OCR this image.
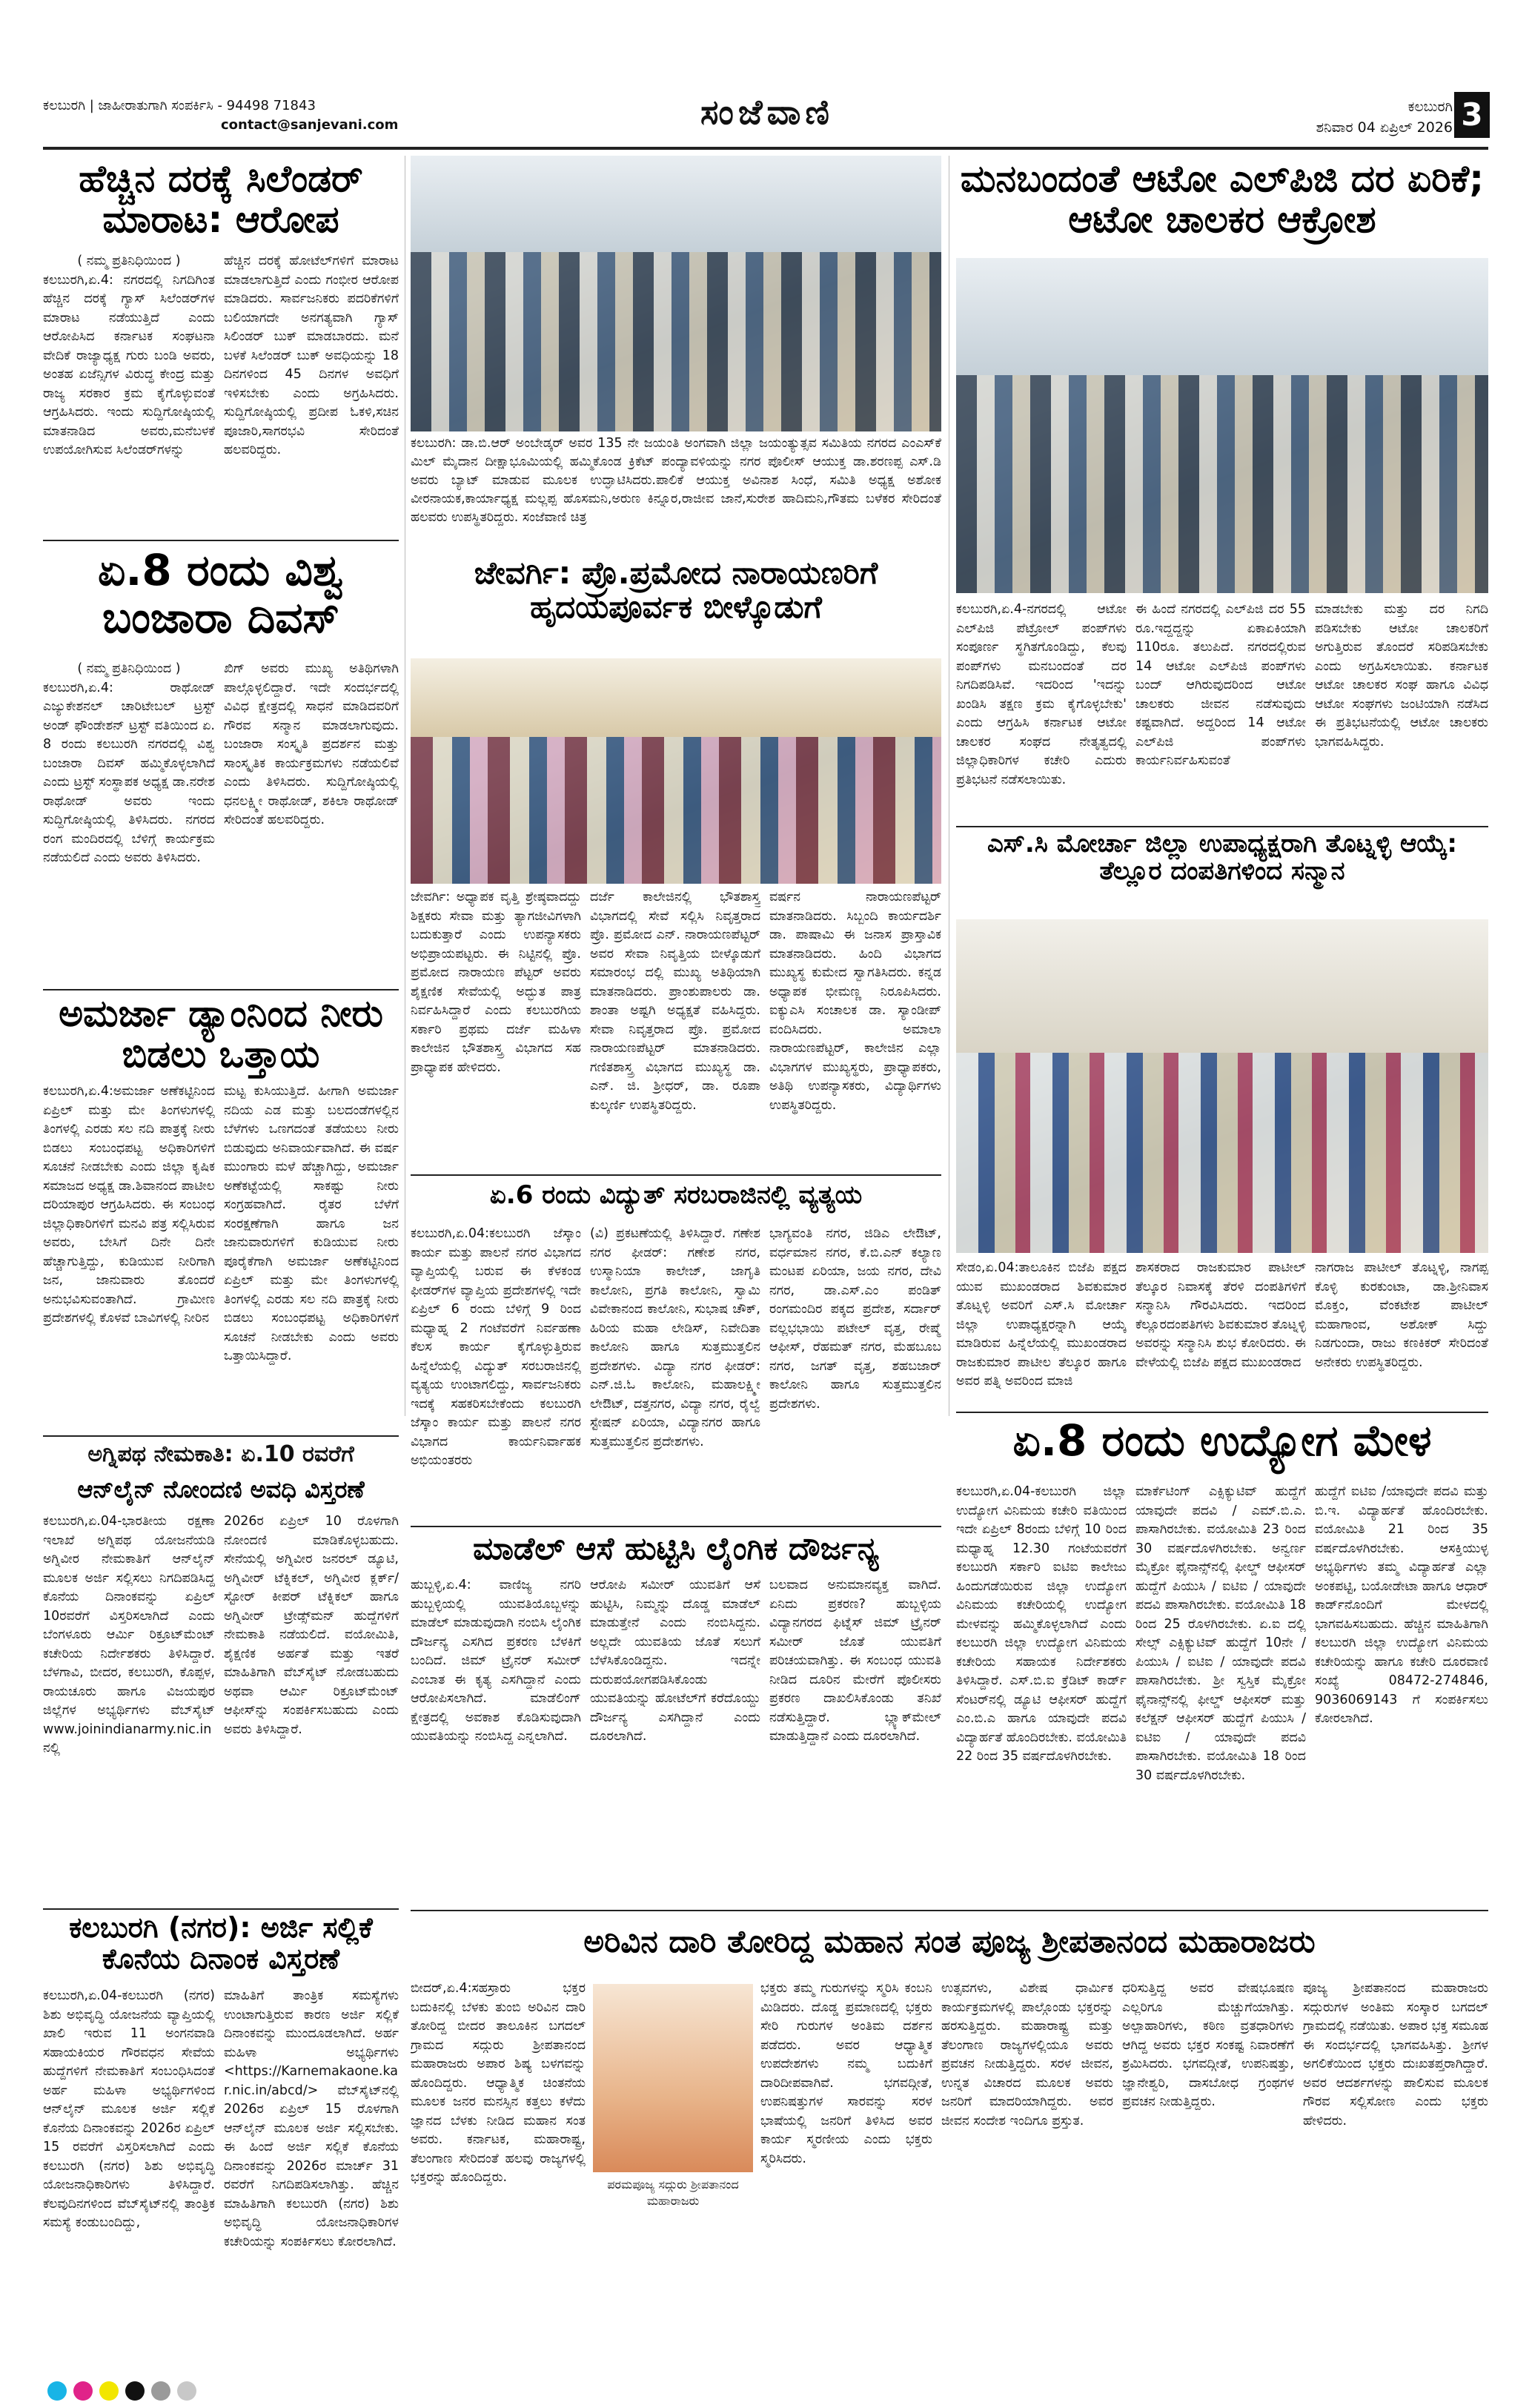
ಕಲಬುರಗಿ | ಜಾಹೀರಾತುಗಾಗಿ ಸಂಪರ್ಕಿಸಿ - 94498 71843
contact@sanjevani.com	ಸಂಜೆವಾಣಿ	ಕಲಬುರಗಿ
ಶನಿವಾರ 04 ಏಪ್ರಿಲ್ 2026 3
ಹೆಚ್ಚಿನ ದರಕ್ಕೆ ಸಿಲೆಂಡರ್ ಮಾರಾಟ: ಆರೋಪ
( ನಮ್ಮ ಪ್ರತಿನಿಧಿಯಿಂದ )
ಕಲಬುರಗಿ,ಏ.4: ನಗರದಲ್ಲಿ ನಿಗದಿಗಿಂತ ಹೆಚ್ಚಿನ ದರಕ್ಕೆ ಗ್ಯಾಸ್ ಸಿಲೆಂಡರ್‌ಗಳ ಮಾರಾಟ ನಡೆಯುತ್ತಿದೆ ಎಂದು ಆರೋಪಿಸಿದ ಕರ್ನಾಟಕ ಸಂಘಟನಾ ವೇದಿಕೆ ರಾಜ್ಯಾಧ್ಯಕ್ಷ ಗುರು ಬಂಡಿ ಅವರು, ಅಂತಹ ಏಜೆನ್ಸಿಗಳ ವಿರುದ್ಧ ಕೇಂದ್ರ ಮತ್ತು ರಾಜ್ಯ ಸರಕಾರ ಕ್ರಮ ಕೈಗೊಳ್ಳುವಂತೆ ಆಗ್ರಹಿಸಿದರು. ಇಂದು ಸುದ್ದಿಗೋಷ್ಠಿಯಲ್ಲಿ ಮಾತನಾಡಿದ ಅವರು,ಮನೆಬಳಕೆ ಉಪಯೋಗಿಸುವ ಸಿಲೆಂಡರ್‌ಗಳನ್ನು
ಹೆಚ್ಚಿನ ದರಕ್ಕೆ ಹೋಟೆಲ್‌ಗಳಿಗೆ ಮಾರಾಟ ಮಾಡಲಾಗುತ್ತಿದೆ ಎಂದು ಗಂಭೀರ ಆರೋಪ ಮಾಡಿದರು. ಸಾರ್ವಜನಿಕರು ಪದರಿಕೆಗಳಿಗೆ ಬಲಿಯಾಗದೇ ಅನಗತ್ಯವಾಗಿ ಗ್ಯಾಸ್ ಸಿಲಿಂಡರ್ ಬುಕ್ ಮಾಡಬಾರದು. ಮನೆ ಬಳಕೆ ಸಿಲೆಂಡರ್ ಬುಕ್ ಅವಧಿಯನ್ನು 18 ದಿನಗಳಿಂದ 45 ದಿನಗಳ ಅವಧಿಗೆ ಇಳಿಸಬೇಕು ಎಂದು ಅಗ್ರಹಿಸಿದರು. ಸುದ್ದಿಗೋಷ್ಠಿಯಲ್ಲಿ ಪ್ರದೀಪ ಓಕಳಿ,ಸಚಿನ ಪೂಜಾರಿ,ಸಾಗರಭವಿ ಸೇರಿದಂತೆ ಹಲವರಿದ್ದರು.	ಕಲಬುರಗಿ: ಡಾ.ಬಿ.ಆರ್ ಅಂಬೇಡ್ಕರ್ ಅವರ 135 ನೇ ಜಯಂತಿ ಅಂಗವಾಗಿ ಜಿಲ್ಲಾ ಜಯಂತ್ಯುತ್ಸವ ಸಮಿತಿಯ ನಗರದ ಎಂಎಸ್‌ಕೆ ಮಿಲ್ ಮೈದಾನ ದೀಕ್ಷಾಭೂಮಿಯಲ್ಲಿ ಹಮ್ಮಿಕೊಂಡ ಕ್ರಿಕೆಟ್ ಪಂದ್ಯಾವಳಿಯನ್ನು ನಗರ ಪೊಲೀಸ್ ಆಯುಕ್ತ ಡಾ.ಶರಣಪ್ಪ ಎಸ್.ಡಿ ಅವರು ಬ್ಯಾಟ್ ಮಾಡುವ ಮೂಲಕ ಉದ್ಘಾಟಿಸಿದರು.ಪಾಲಿಕೆ ಆಯುಕ್ತ ಅವಿನಾಶ ಸಿಂಧೆ, ಸಮಿತಿ ಅಧ್ಯಕ್ಷ ಅಶೋಕ ವೀರನಾಯಕ,ಕಾರ್ಯಾಧ್ಯಕ್ಷ ಮಲ್ಲಪ್ಪ ಹೊಸಮನಿ,ಅರುಣ ಕಿನ್ನೂರ,ರಾಜೀವ ಜಾನೆ,ಸುರೇಶ ಹಾದಿಮನಿ,ಗೌತಮ ಬಳೆಕರ ಸೇರಿದಂತೆ ಹಲವರು ಉಪಸ್ಥಿತರಿದ್ದರು. ಸಂಜೆವಾಣಿ ಚಿತ್ರ
ಮನಬಂದಂತೆ ಆಟೋ ಎಲ್‌ಪಿಜಿ ದರ ಏರಿಕೆ; ಆಟೋ ಚಾಲಕರ ಆಕ್ರೋಶ
ಕಲಬುರಗಿ,ಏ.4-ನಗರದಲ್ಲಿ ಆಟೋ ಎಲ್‌ಪಿಜಿ ಪೆಟ್ರೋಲ್ ಪಂಪ್‌ಗಳು ಸಂಪೂರ್ಣ ಸ್ಥಗಿತಗೊಂಡಿದ್ದು, ಕೆಲವು ಪಂಪ್‌ಗಳು ಮನಬಂದಂತೆ ದರ ನಿಗದಿಪಡಿಸಿವೆ. ಇದರಿಂದ 'ಇದನ್ನು ಖಂಡಿಸಿ ತಕ್ಷಣ ಕ್ರಮ ಕೈಗೊಳ್ಳಬೇಕು' ಎಂದು ಆಗ್ರಹಿಸಿ ಕರ್ನಾಟಕ ಆಟೋ ಚಾಲಕರ ಸಂಘದ ನೇತೃತ್ವದಲ್ಲಿ ಜಿಲ್ಲಾಧಿಕಾರಿಗಳ ಕಚೇರಿ ಎದುರು ಪ್ರತಿಭಟನೆ ನಡೆಸಲಾಯಿತು.
ಈ ಹಿಂದೆ ನಗರದಲ್ಲಿ ಎಲ್‌ಪಿಜಿ ದರ 55 ರೂ.ಇದ್ದದ್ದನ್ನು ಏಕಾಏಕಿಯಾಗಿ 110ರೂ. ತಲುಪಿದೆ. ನಗರದಲ್ಲಿರುವ 14 ಆಟೋ ಎಲ್‌ಪಿಜಿ ಪಂಪ್‌ಗಳು ಬಂದ್ ಆಗಿರುವುದರಿಂದ ಆಟೋ ಚಾಲಕರು ಜೀವನ ನಡೆಸುವುದು ಕಷ್ಟವಾಗಿದೆ. ಅದ್ದರಿಂದ 14 ಆಟೋ ಎಲ್‌ಪಿಜಿ ಪಂಪ್‌ಗಳು ಕಾರ್ಯನಿರ್ವಹಿಸುವಂತೆ
ಮಾಡಬೇಕು ಮತ್ತು ದರ ನಿಗದಿ ಪಡಿಸಬೇಕು ಆಟೋ ಚಾಲಕರಿಗೆ ಅಗುತ್ತಿರುವ ತೊಂದರೆ ಸರಿಪಡಿಸಬೇಕು ಎಂದು ಅಗ್ರಹಿಸಲಾಯಿತು. ಕರ್ನಾಟಕ ಆಟೋ ಚಾಲಕರ ಸಂಘ ಹಾಗೂ ವಿವಿಧ ಆಟೋ ಸಂಘಗಳು ಜಂಟಿಯಾಗಿ ನಡೆಸಿದ ಈ ಪ್ರತಿಭಟನೆಯಲ್ಲಿ ಆಟೋ ಚಾಲಕರು ಭಾಗವಹಿಸಿದ್ದರು.
ಏ.8 ರಂದು ವಿಶ್ವ ಬಂಜಾರಾ ದಿವಸ್
( ನಮ್ಮ ಪ್ರತಿನಿಧಿಯಿಂದ )
ಕಲಬುರಗಿ,ಏ.4: ರಾಥೋಡ್ ಎಜ್ಯುಕೇಶನಲ್ ಚಾರಿಟೇಬಲ್ ಟ್ರಸ್ಟ್ ಅಂಡ್ ಫೌಂಡೇಶನ್ ಟ್ರಸ್ಟ್ ವತಿಯಿಂದ ಏ. 8 ರಂದು ಕಲಬುರಗಿ ನಗರದಲ್ಲಿ ವಿಶ್ವ ಬಂಜಾರಾ ದಿವಸ್ ಹಮ್ಮಿಕೊಳ್ಳಲಾಗಿದೆ ಎಂದು ಟ್ರಸ್ಟ್ ಸಂಸ್ಥಾಪಕ ಅಧ್ಯಕ್ಷ ಡಾ.ನರೇಶ ರಾಥೋಡ್ ಅವರು ಇಂದು ಸುದ್ದಿಗೋಷ್ಠಿಯಲ್ಲಿ ತಿಳಿಸಿದರು. ನಗರದ ರಂಗ ಮಂದಿರದಲ್ಲಿ ಬೆಳಿಗ್ಗೆ ಕಾರ್ಯಕ್ರಮ ನಡೆಯಲಿದೆ ಎಂದು ಅವರು ತಿಳಿಸಿದರು.
ಖಿಗ್ ಅವರು ಮುಖ್ಯ ಅತಿಥಿಗಳಾಗಿ ಪಾಲ್ಗೊಳ್ಳಲಿದ್ದಾರೆ. ಇದೇ ಸಂದರ್ಭದಲ್ಲಿ ವಿವಿಧ ಕ್ಷೇತ್ರದಲ್ಲಿ ಸಾಧನೆ ಮಾಡಿದವರಿಗೆ ಗೌರವ ಸನ್ಮಾನ ಮಾಡಲಾಗುವುದು. ಬಂಜಾರಾ ಸಂಸ್ಕೃತಿ ಪ್ರದರ್ಶನ ಮತ್ತು ಸಾಂಸ್ಕೃತಿಕ ಕಾರ್ಯಕ್ರಮಗಳು ನಡೆಯಲಿವೆ ಎಂದು ತಿಳಿಸಿದರು. ಸುದ್ದಿಗೋಷ್ಠಿಯಲ್ಲಿ ಧನಲಕ್ಷ್ಮೀ ರಾಥೋಡ್, ಶಕಿಲಾ ರಾಥೋಡ್ ಸೇರಿದಂತೆ ಹಲವರಿದ್ದರು.
ಜೇವರ್ಗಿ: ಪ್ರೊ.ಪ್ರಮೋದ ನಾರಾಯಣರಿಗೆ ಹೃದಯಪೂರ್ವಕ ಬೀಳ್ಕೊಡುಗೆ
ಜೇವರ್ಗಿ: ಅಧ್ಯಾಪಕ ವೃತ್ತಿ ಶ್ರೇಷ್ಠವಾದದ್ದು ಶಿಕ್ಷಕರು ಸೇವಾ ಮತ್ತು ತ್ಯಾಗಜೀವಿಗಳಾಗಿ ಬದುಕುತ್ತಾರೆ ಎಂದು ಉಪನ್ಯಾಸಕರು ಅಭಿಪ್ರಾಯಪಟ್ಟರು. ಈ ನಿಟ್ಟಿನಲ್ಲಿ ಪ್ರೊ. ಪ್ರಮೋದ ನಾರಾಯಣ ಪೆಟ್ಟರ್ ಅವರು ಶೈಕ್ಷಣಿಕ ಸೇವೆಯಲ್ಲಿ ಅದ್ಭುತ ಪಾತ್ರ ನಿರ್ವಹಿಸಿದ್ದಾರೆ ಎಂದು ಕಲಬುರಗಿಯ ಸರ್ಕಾರಿ ಪ್ರಥಮ ದರ್ಜೆ ಮಹಿಳಾ ಕಾಲೇಜಿನ ಭೌತಶಾಸ್ತ್ರ ವಿಭಾಗದ ಸಹ ಪ್ರಾಧ್ಯಾಪಕ ಹೇಳಿದರು.
ದರ್ಜೆ ಕಾಲೇಜಿನಲ್ಲಿ ಭೌತಶಾಸ್ತ್ರ ವಿಭಾಗದಲ್ಲಿ ಸೇವೆ ಸಲ್ಲಿಸಿ ನಿವೃತ್ತರಾದ ಪ್ರೊ. ಪ್ರಮೋದ ಎನ್. ನಾರಾಯಣಪೆಟ್ಟರ್ ಅವರ ಸೇವಾ ನಿವೃತ್ತಿಯ ಬೀಳ್ಕೊಡುಗೆ ಸಮಾರಂಭ ದಲ್ಲಿ ಮುಖ್ಯ ಅತಿಥಿಯಾಗಿ ಮಾತನಾಡಿದರು. ಪ್ರಾಂಶುಪಾಲರು ಡಾ. ಶಾಂತಾ ಅಷ್ಟಗಿ ಅಧ್ಯಕ್ಷತೆ ವಹಿಸಿದ್ದರು. ಸೇವಾ ನಿವೃತ್ತರಾದ ಪ್ರೊ. ಪ್ರಮೋದ ನಾರಾಯಣಪೆಟ್ಟರ್ ಮಾತನಾಡಿದರು. ಗಣಿತಶಾಸ್ತ್ರ ವಿಭಾಗದ ಮುಖ್ಯಸ್ಥ ಡಾ. ಎನ್. ಜಿ. ಶ್ರೀಧರ್, ಡಾ. ರೂಪಾ ಕುಲ್ಕರ್ಣಿ ಉಪಸ್ಥಿತರಿದ್ದರು.
ವರ್ಷನ ನಾರಾಯಣಪೆಟ್ಟರ್ ಮಾತನಾಡಿದರು. ಸಿಬ್ಬಂದಿ ಕಾರ್ಯದರ್ಶಿ ಡಾ. ಪಾಷಾಮಿ ಈ ಜನಾಸ ಪ್ರಾಸ್ತಾವಿಕ ಮಾತನಾಡಿದರು. ಹಿಂದಿ ವಿಭಾಗದ ಮುಖ್ಯಸ್ಥ ಕುಮೇದ ಸ್ವಾಗತಿಸಿದರು. ಕನ್ನಡ ಅಧ್ಯಾಪಕ ಭೀಮಣ್ಣ ನಿರೂಪಿಸಿದರು. ಐಕ್ಯುಎಸಿ ಸಂಚಾಲಕ ಡಾ. ಸ್ಯಾಂಡೀಪ್ ವಂದಿಸಿದರು. ಅಮಾಲಾ ನಾರಾಯಣಪೆಟ್ಟರ್, ಕಾಲೇಜಿನ ಎಲ್ಲಾ ವಿಭಾಗಗಳ ಮುಖ್ಯಸ್ಥರು, ಪ್ರಾಧ್ಯಾಪಕರು, ಅತಿಥಿ ಉಪನ್ಯಾಸಕರು, ವಿದ್ಯಾರ್ಥಿಗಳು ಉಪಸ್ಥಿತರಿದ್ದರು.
ಅಮರ್ಜಾ ಡ್ಯಾಂನಿಂದ ನೀರು ಬಿಡಲು ಒತ್ತಾಯ
ಕಲಬುರಗಿ,ಏ.4:ಅಮರ್ಜಾ ಅಣೆಕಟ್ಟಿನಿಂದ ಏಪ್ರಿಲ್ ಮತ್ತು ಮೇ ತಿಂಗಳುಗಳಲ್ಲಿ ತಿಂಗಳಲ್ಲಿ ಎರಡು ಸಲ ನದಿ ಪಾತ್ರಕ್ಕೆ ನೀರು ಬಿಡಲು ಸಂಬಂಧಪಟ್ಟ ಅಧಿಕಾರಿಗಳಿಗೆ ಸೂಚನೆ ನೀಡಬೇಕು ಎಂದು ಜಿಲ್ಲಾ ಕೃಷಿಕ ಸಮಾಜದ ಅಧ್ಯಕ್ಷ ಡಾ.ಶಿವಾನಂದ ಪಾಟೀಲ ದರಿಯಾಪುರ ಆಗ್ರಹಿಸಿದರು. ಈ ಸಂಬಂಧ ಜಿಲ್ಲಾಧಿಕಾರಿಗಳಿಗೆ ಮನವಿ ಪತ್ರ ಸಲ್ಲಿಸಿರುವ ಅವರು, ಬೇಸಿಗೆ ದಿನೇ ದಿನೇ ಹೆಚ್ಚಾಗುತ್ತಿದ್ದು, ಕುಡಿಯುವ ನೀರಿಗಾಗಿ ಜನ, ಜಾನುವಾರು ತೊಂದರೆ ಅನುಭವಿಸುವಂತಾಗಿದೆ. ಗ್ರಾಮೀಣ ಪ್ರದೇಶಗಳಲ್ಲಿ ಕೊಳವೆ ಬಾವಿಗಳಲ್ಲಿ ನೀರಿನ
ಮಟ್ಟ ಕುಸಿಯುತ್ತಿದೆ. ಹೀಗಾಗಿ ಅಮರ್ಜಾ ನದಿಯ ಎಡ ಮತ್ತು ಬಲದಂಡೆಗಳಲ್ಲಿನ ಬೆಳೆಗಳು ಒಣಗದಂತೆ ತಡೆಯಲು ನೀರು ಬಿಡುವುದು ಅನಿವಾರ್ಯವಾಗಿದೆ. ಈ ವರ್ಷ ಮುಂಗಾರು ಮಳೆ ಹೆಚ್ಚಾಗಿದ್ದು, ಅಮರ್ಜಾ ಅಣೆಕಟ್ಟೆಯಲ್ಲಿ ಸಾಕಷ್ಟು ನೀರು ಸಂಗ್ರಹವಾಗಿದೆ. ರೈತರ ಬೆಳೆಗೆ ಸಂರಕ್ಷಣೆಗಾಗಿ ಹಾಗೂ ಜನ ಜಾನುವಾರುಗಳಿಗೆ ಕುಡಿಯುವ ನೀರು ಪೂರೈಕೆಗಾಗಿ ಅಮರ್ಜಾ ಅಣೆಕಟ್ಟಿನಿಂದ ಏಪ್ರಿಲ್ ಮತ್ತು ಮೇ ತಿಂಗಳುಗಳಲ್ಲಿ ತಿಂಗಳಲ್ಲಿ ಎರಡು ಸಲ ನದಿ ಪಾತ್ರಕ್ಕೆ ನೀರು ಬಿಡಲು ಸಂಬಂಧಪಟ್ಟ ಅಧಿಕಾರಿಗಳಿಗೆ ಸೂಚನೆ ನೀಡಬೇಕು ಎಂದು ಅವರು ಒತ್ತಾಯಿಸಿದ್ದಾರೆ.
ಏ.6 ರಂದು ವಿದ್ಯುತ್ ಸರಬರಾಜಿನಲ್ಲಿ ವ್ಯತ್ಯಯ
ಕಲಬುರಗಿ,ಏ.04:ಕಲಬುರಗಿ ಜೆಸ್ಕಾಂ ಕಾರ್ಯ ಮತ್ತು ಪಾಲನೆ ನಗರ ವಿಭಾಗದ ವ್ಯಾಪ್ತಿಯಲ್ಲಿ ಬರುವ ಈ ಕೆಳಕಂಡ ಫೀಡರ್‌ಗಳ ವ್ಯಾಪ್ತಿಯ ಪ್ರದೇಶಗಳಲ್ಲಿ ಇದೇ ಏಪ್ರಿಲ್ 6 ರಂದು ಬೆಳಿಗ್ಗೆ 9 ರಿಂದ ಮಧ್ಯಾಹ್ನ 2 ಗಂಟೆವರೆಗೆ ನಿರ್ವಹಣಾ ಕೆಲಸ ಕಾರ್ಯ ಕೈಗೊಳ್ಳುತ್ತಿರುವ ಹಿನ್ನೆಲೆಯಲ್ಲಿ ವಿದ್ಯುತ್ ಸರಬರಾಜಿನಲ್ಲಿ ವ್ಯತ್ಯಯ ಉಂಟಾಗಲಿದ್ದು, ಸಾರ್ವಜನಿಕರು ಇದಕ್ಕೆ ಸಹಕರಿಸಬೇಕೆಂದು ಕಲಬುರಗಿ ಜೆಸ್ಕಾಂ ಕಾರ್ಯ ಮತ್ತು ಪಾಲನೆ ನಗರ ವಿಭಾಗದ ಕಾರ್ಯನಿರ್ವಾಹಕ ಅಭಿಯಂತರರು
(ವಿ) ಪ್ರಕಟಣೆಯಲ್ಲಿ ತಿಳಿಸಿದ್ದಾರೆ. ಗಣೇಶ ನಗರ ಫೀಡರ್: ಗಣೇಶ ನಗರ, ಉಸ್ಮಾನಿಯಾ ಕಾಲೇಜ್, ಜಾಗೃತಿ ಕಾಲೋನಿ, ಪ್ರಗತಿ ಕಾಲೋನಿ, ಸ್ವಾಮಿ ವಿವೇಕಾನಂದ ಕಾಲೋನಿ, ಸುಭಾಷ ಚೌಕ್, ಹಿರಿಯ ಮಹಾ ಲೇಡಿಸ್, ನಿವೇದಿತಾ ಕಾಲೋನಿ ಹಾಗೂ ಸುತ್ತಮುತ್ತಲಿನ ಪ್ರದೇಶಗಳು. ವಿದ್ಯಾ ನಗರ ಫೀಡರ್: ಎನ್.ಜಿ.ಓ ಕಾಲೋನಿ, ಮಹಾಲಕ್ಷ್ಮೀ ಲೇಔಟ್, ದತ್ತನಗರ, ವಿದ್ಯಾ ನಗರ, ರೈಲ್ವೆ ಸ್ಟೇಷನ್ ಏರಿಯಾ, ವಿದ್ಯಾನಗರ ಹಾಗೂ ಸುತ್ತಮುತ್ತಲಿನ ಪ್ರದೇಶಗಳು.
ಭಾಗ್ಯವಂತಿ ನಗರ, ಜಿಡಿಎ ಲೇಔಟ್, ವರ್ಧಮಾನ ನಗರ, ಕೆ.ಬಿ.ಎನ್ ಕಲ್ಯಾಣ ಮಂಟಪ ಏರಿಯಾ, ಜಯ ನಗರ, ದೇವಿ ನಗರ, ಡಾ.ಎಸ್.ಎಂ ಪಂಡಿತ್ ರಂಗಮಂದಿರ ಪಕ್ಕದ ಪ್ರದೇಶ, ಸರ್ದಾರ್ ವಲ್ಲಭಭಾಯಿ ಪಟೇಲ್ ವೃತ್ತ, ರೇಷ್ಮೆ ಆಫೀಸ್, ರೆಹಮತ್ ನಗರ, ಮೆಹಬೂಬ ನಗರ, ಜಗತ್ ವೃತ್ತ, ಶಹಬಜಾರ್ ಕಾಲೋನಿ ಹಾಗೂ ಸುತ್ತಮುತ್ತಲಿನ ಪ್ರದೇಶಗಳು.
ಎಸ್.ಸಿ ಮೋರ್ಚಾ ಜಿಲ್ಲಾ ಉಪಾಧ್ಯಕ್ಷರಾಗಿ ತೊಟ್ನಳ್ಳಿ ಆಯ್ಕೆ: ತೆಲ್ಲೂರ ದಂಪತಿಗಳಿಂದ ಸನ್ಮಾನ
ಸೇಡಂ,ಏ.04:ತಾಲೂಕಿನ ಬಿಜೆಪಿ ಪಕ್ಷದ ಯುವ ಮುಖಂಡರಾದ ಶಿವಕುಮಾರ ತೊಟ್ನಳ್ಳಿ ಅವರಿಗೆ ಎಸ್.ಸಿ ಮೋರ್ಚಾ ಜಿಲ್ಲಾ ಉಪಾಧ್ಯಕ್ಷರನ್ನಾಗಿ ಆಯ್ಕೆ ಮಾಡಿರುವ ಹಿನ್ನೆಲೆಯಲ್ಲಿ ಮುಖಂಡರಾದ ರಾಜಕುಮಾರ ಪಾಟೀಲ ತೆಲ್ಕೂರ ಹಾಗೂ ಅವರ ಪತ್ನಿ ಅವರಿಂದ ಮಾಜಿ
ಶಾಸಕರಾದ ರಾಜಕುಮಾರ ಪಾಟೀಲ್ ತೆಲ್ಕೂರ ನಿವಾಸಕ್ಕೆ ತೆರಳಿ ದಂಪತಿಗಳಿಗೆ ಸನ್ಮಾನಿಸಿ ಗೌರವಿಸಿದರು. ಇದರಿಂದ ಕೆಲ್ಲೂರದಂಪತಿಗಳು ಶಿವಕುಮಾರ ತೊಟ್ನಳ್ಳಿ ಅವರನ್ನು ಸನ್ಮಾನಿಸಿ ಶುಭ ಕೋರಿದರು. ಈ ವೇಳೆಯಲ್ಲಿ ಬಿಜೆಪಿ ಪಕ್ಷದ ಮುಖಂಡರಾದ
ನಾಗರಾಜ ಪಾಟೀಲ್ ತೊಟ್ನಳ್ಳಿ, ನಾಗಪ್ಪ ಕೊಳ್ಳಿ ಕುರಕುಂಟಾ, ಡಾ.ಶ್ರೀನಿವಾಸ ಮೊಕ್ತಂ, ವೆಂಕಟೇಶ ಪಾಟೀಲ್ ಮಹಾಗಾಂವ, ಅಶೋಕ್ ಸಿದ್ದು ನಿಡಗುಂದಾ, ರಾಜು ಕಣಕಿಕರ್ ಸೇರಿದಂತೆ ಅನೇಕರು ಉಪಸ್ಥಿತರಿದ್ದರು.
ಅಗ್ನಿಪಥ ನೇಮಕಾತಿ: ಏ.10 ರವರೆಗೆ
ಆನ್‌ಲೈನ್ ನೋಂದಣಿ ಅವಧಿ ವಿಸ್ತರಣೆ
ಕಲಬುರಗಿ,ಏ.04-ಭಾರತೀಯ ರಕ್ಷಣಾ ಇಲಾಖೆ ಅಗ್ನಿಪಥ ಯೋಜನೆಯಡಿ ಅಗ್ನಿವೀರ ನೇಮಕಾತಿಗೆ ಆನ್‌ಲೈನ್ ಮೂಲಕ ಅರ್ಜಿ ಸಲ್ಲಿಸಲು ನಿಗದಿಪಡಿಸಿದ್ದ ಕೊನೆಯ ದಿನಾಂಕವನ್ನು ಏಪ್ರಿಲ್ 10ರವರೆಗೆ ವಿಸ್ತರಿಸಲಾಗಿದೆ ಎಂದು ಬೆಂಗಳೂರು ಆರ್ಮಿ ರಿಕ್ರೂಟ್‌ಮೆಂಟ್ ಕಚೇರಿಯ ನಿರ್ದೇಶಕರು ತಿಳಿಸಿದ್ದಾರೆ. ಬೆಳಗಾವಿ, ಬೀದರ, ಕಲಬುರಗಿ, ಕೊಪ್ಪಳ, ರಾಯಚೂರು ಹಾಗೂ ವಿಜಯಪುರ ಜಿಲ್ಲೆಗಳ ಅಭ್ಯರ್ಥಿಗಳು ವೆಬ್‌ಸೈಟ್ www.joinindianarmy.nic.in ನಲ್ಲಿ
2026ರ ಏಪ್ರಿಲ್ 10 ರೊಳಗಾಗಿ ನೋಂದಣಿ ಮಾಡಿಕೊಳ್ಳಬಹುದು. ಸೇನೆಯಲ್ಲಿ ಅಗ್ನಿವೀರ ಜನರಲ್ ಡ್ಯೂಟಿ, ಅಗ್ನಿವೀರ್ ಟೆಕ್ನಿಕಲ್, ಅಗ್ನಿವೀರ ಕ್ಲರ್ಕ್/ಸ್ಟೋರ್ ಕೀಪರ್ ಟೆಕ್ನಿಕಲ್ ಹಾಗೂ ಅಗ್ನಿವೀರ್ ಟ್ರೇಡ್ಸ್‌ಮನ್ ಹುದ್ದೆಗಳಿಗೆ ನೇಮಕಾತಿ ನಡೆಯಲಿದೆ. ವಯೋಮಿತಿ, ಶೈಕ್ಷಣಿಕ ಅರ್ಹತೆ ಮತ್ತು ಇತರೆ ಮಾಹಿತಿಗಾಗಿ ವೆಬ್‌ಸೈಟ್ ನೋಡಬಹುದು ಅಥವಾ ಆರ್ಮಿ ರಿಕ್ರೂಟ್‌ಮೆಂಟ್ ಆಫೀಸ್‌ನ್ನು ಸಂಪರ್ಕಿಸಬಹುದು ಎಂದು ಅವರು ತಿಳಿಸಿದ್ದಾರೆ.
ಮಾಡೆಲ್ ಆಸೆ ಹುಟ್ಟಿಸಿ ಲೈಂಗಿಕ ದೌರ್ಜನ್ಯ
ಹುಬ್ಬಳ್ಳಿ,ಏ.4: ವಾಣಿಜ್ಯ ನಗರಿ ಹುಬ್ಬಳ್ಳಿಯಲ್ಲಿ ಯುವತಿಯೊಬ್ಬಳನ್ನು ಮಾಡೆಲ್ ಮಾಡುವುದಾಗಿ ನಂಬಿಸಿ ಲೈಂಗಿಕ ದೌರ್ಜನ್ಯ ಎಸಗಿದ ಪ್ರಕರಣ ಬೆಳಕಿಗೆ ಬಂದಿದೆ. ಜಿಮ್ ಟ್ರೈನರ್ ಸಮೀರ್ ಎಂಬಾತ ಈ ಕೃತ್ಯ ಎಸಗಿದ್ದಾನೆ ಎಂದು ಆರೋಪಿಸಲಾಗಿದೆ. ಮಾಡೆಲಿಂಗ್ ಕ್ಷೇತ್ರದಲ್ಲಿ ಅವಕಾಶ ಕೊಡಿಸುವುದಾಗಿ ಯುವತಿಯನ್ನು ನಂಬಿಸಿದ್ದ ಎನ್ನಲಾಗಿದೆ.
ಆರೋಪಿ ಸಮೀರ್ ಯುವತಿಗೆ ಆಸೆ ಹುಟ್ಟಿಸಿ, ನಿಮ್ಮನ್ನು ದೊಡ್ಡ ಮಾಡೆಲ್ ಮಾಡುತ್ತೇನೆ ಎಂದು ನಂಬಿಸಿದ್ದನು. ಅಲ್ಲದೇ ಯುವತಿಯ ಜೊತೆ ಸಲುಗೆ ಬೆಳೆಸಿಕೊಂಡಿದ್ದನು. ಇದನ್ನೇ ದುರುಪಯೋಗಪಡಿಸಿಕೊಂಡು ಯುವತಿಯನ್ನು ಹೋಟೆಲ್‌ಗೆ ಕರೆದೊಯ್ದು ದೌರ್ಜನ್ಯ ಎಸಗಿದ್ದಾನೆ ಎಂದು ದೂರಲಾಗಿದೆ.
ಬಲವಾದ ಅನುಮಾನವ್ಯಕ್ತ ವಾಗಿದೆ. ಏನಿದು ಪ್ರಕರಣ? ಹುಬ್ಬಳ್ಳಿಯ ವಿದ್ಯಾನಗರದ ಫಿಟ್ನೆಸ್ ಜಿಮ್ ಟ್ರೈನರ್ ಸಮೀರ್ ಜೊತೆ ಯುವತಿಗೆ ಪರಿಚಯವಾಗಿತ್ತು. ಈ ಸಂಬಂಧ ಯುವತಿ ನೀಡಿದ ದೂರಿನ ಮೇರೆಗೆ ಪೊಲೀಸರು ಪ್ರಕರಣ ದಾಖಲಿಸಿಕೊಂಡು ತನಿಖೆ ನಡೆಸುತ್ತಿದ್ದಾರೆ. ಬ್ಲ್ಯಾಕ್‌ಮೇಲ್ ಮಾಡುತ್ತಿದ್ದಾನೆ ಎಂದು ದೂರಲಾಗಿದೆ.
ಏ.8 ರಂದು ಉದ್ಯೋಗ ಮೇಳ
ಕಲಬುರಗಿ,ಏ.04-ಕಲಬುರಗಿ ಜಿಲ್ಲಾ ಉದ್ಯೋಗ ವಿನಿಮಯ ಕಚೇರಿ ವತಿಯಿಂದ ಇದೇ ಏಪ್ರಿಲ್ 8ರಂದು ಬೆಳಿಗ್ಗೆ 10 ರಿಂದ ಮಧ್ಯಾಹ್ನ 12.30 ಗಂಟೆಯವರೆಗೆ ಕಲಬುರಗಿ ಸರ್ಕಾರಿ ಐಟಿಐ ಕಾಲೇಜು ಹಿಂದುಗಡೆಯಿರುವ ಜಿಲ್ಲಾ ಉದ್ಯೋಗ ವಿನಿಮಯ ಕಚೇರಿಯಲ್ಲಿ ಉದ್ಯೋಗ ಮೇಳವನ್ನು ಹಮ್ಮಿಕೊಳ್ಳಲಾಗಿದೆ ಎಂದು ಕಲಬುರಗಿ ಜಿಲ್ಲಾ ಉದ್ಯೋಗ ವಿನಿಮಯ ಕಚೇರಿಯ ಸಹಾಯಕ ನಿರ್ದೇಶಕರು ತಿಳಿಸಿದ್ದಾರೆ. ಎಸ್.ಬಿ.ಐ ಕ್ರೆಡಿಟ್ ಕಾರ್ಡ್ ಸೆಂಟರ್‌ನಲ್ಲಿ ಡ್ಯೂಟಿ ಆಫೀಸರ್ ಹುದ್ದೆಗೆ ಎಂ.ಬಿ.ಎ ಹಾಗೂ ಯಾವುದೇ ಪದವಿ ವಿದ್ಯಾರ್ಹತೆ ಹೊಂದಿರಬೇಕು. ವಯೋಮಿತಿ 22 ರಿಂದ 35 ವರ್ಷದೊಳಗಿರಬೇಕು.
ಮಾರ್ಕೆಟಿಂಗ್ ಎಕ್ಸಿಕ್ಯುಟಿವ್ ಹುದ್ದೆಗೆ ಯಾವುದೇ ಪದವಿ / ಎಮ್.ಬಿ.ಎ. ಪಾಸಾಗಿರಬೇಕು. ವಯೋಮಿತಿ 23 ರಿಂದ 30 ವರ್ಷದೊಳಗಿರಬೇಕು. ಅನ್ವರ್ಣ ಮೈಕ್ರೋ ಫೈನಾನ್ಸ್‌ನಲ್ಲಿ ಫೀಲ್ಡ್ ಆಫೀಸರ್ ಹುದ್ದೆಗೆ ಪಿಯುಸಿ / ಐಟಿಐ / ಯಾವುದೇ ಪದವಿ ಪಾಸಾಗಿರಬೇಕು. ವಯೋಮಿತಿ 18 ರಿಂದ 25 ರೊಳಗಿರಬೇಕು. ಏ.ಐ ದಲ್ಲಿ ಸೇಲ್ಸ್ ಎಕ್ಸಿಕ್ಯುಟಿವ್ ಹುದ್ದೆಗೆ 10ನೇ /ಪಿಯುಸಿ / ಐಟಿಐ / ಯಾವುದೇ ಪದವಿ ಪಾಸಾಗಿರಬೇಕು. ಶ್ರೀ ಸ್ವಸ್ತಿಕ ಮೈಕ್ರೋ ಫೈನಾನ್ಸ್‌ನಲ್ಲಿ ಫೀಲ್ಡ್ ಆಫೀಸರ್ ಮತ್ತು ಕಲೆಕ್ಷನ್ ಆಫೀಸರ್ ಹುದ್ದೆಗೆ ಪಿಯುಸಿ / ಐಟಿಐ / ಯಾವುದೇ ಪದವಿ ಪಾಸಾಗಿರಬೇಕು. ವಯೋಮಿತಿ 18 ರಿಂದ 30 ವರ್ಷದೊಳಗಿರಬೇಕು.
ಹುದ್ದೆಗೆ ಐಟಿಐ /ಯಾವುದೇ ಪದವಿ ಮತ್ತು ಬಿ.ಇ. ವಿದ್ಯಾರ್ಹತೆ ಹೊಂದಿರಬೇಕು. ವಯೋಮಿತಿ 21 ರಿಂದ 35 ವರ್ಷದೊಳಗಿರಬೇಕು. ಆಸಕ್ತಿಯುಳ್ಳ ಅಭ್ಯರ್ಥಿಗಳು ತಮ್ಮ ವಿದ್ಯಾರ್ಹತೆ ಎಲ್ಲಾ ಅಂಕಪಟ್ಟಿ, ಬಯೋಡೇಟಾ ಹಾಗೂ ಆಧಾರ್ ಕಾರ್ಡ್‌ನೊಂದಿಗೆ ಮೇಳದಲ್ಲಿ ಭಾಗವಹಿಸಬಹುದು. ಹೆಚ್ಚಿನ ಮಾಹಿತಿಗಾಗಿ ಕಲಬುರಗಿ ಜಿಲ್ಲಾ ಉದ್ಯೋಗ ವಿನಿಮಯ ಕಚೇರಿಯನ್ನು ಹಾಗೂ ಕಚೇರಿ ದೂರವಾಣಿ ಸಂಖ್ಯೆ 08472-274846, 9036069143 ಗೆ ಸಂಪರ್ಕಿಸಲು ಕೋರಲಾಗಿದೆ.
ಕಲಬುರಗಿ (ನಗರ): ಅರ್ಜಿ ಸಲ್ಲಿಕೆ ಕೊನೆಯ ದಿನಾಂಕ ವಿಸ್ತರಣೆ
ಕಲಬುರಗಿ,ಏ.04-ಕಲಬುರಗಿ (ನಗರ) ಶಿಶು ಅಭಿವೃದ್ಧಿ ಯೋಜನೆಯ ವ್ಯಾಪ್ತಿಯಲ್ಲಿ ಖಾಲಿ ಇರುವ 11 ಅಂಗನವಾಡಿ ಸಹಾಯಕಿಯರ ಗೌರವಧನ ಸೇವೆಯ ಹುದ್ದೆಗಳಿಗೆ ನೇಮಕಾತಿಗೆ ಸಂಬಂಧಿಸಿದಂತೆ ಅರ್ಹ ಮಹಿಳಾ ಅಭ್ಯರ್ಥಿಗಳಿಂದ ಆನ್‌ಲೈನ್ ಮೂಲಕ ಅರ್ಜಿ ಸಲ್ಲಿಕೆ ಕೊನೆಯ ದಿನಾಂಕವನ್ನು 2026ರ ಏಪ್ರಿಲ್ 15 ರವರೆಗೆ ವಿಸ್ತರಿಸಲಾಗಿದೆ ಎಂದು ಕಲಬುರಗಿ (ನಗರ) ಶಿಶು ಅಭಿವೃದ್ಧಿ ಯೋಜನಾಧಿಕಾರಿಗಳು ತಿಳಿಸಿದ್ದಾರೆ. ಕೆಲವುದಿನಗಳಿಂದ ವೆಬ್‌ಸೈಟ್‌ನಲ್ಲಿ ತಾಂತ್ರಿಕ ಸಮಸ್ಯೆ ಕಂಡುಬಂದಿದ್ದು,
ಮಾಹಿತಿಗೆ ತಾಂತ್ರಿಕ ಸಮಸ್ಯೆಗಳು ಉಂಟಾಗುತ್ತಿರುವ ಕಾರಣ ಅರ್ಜಿ ಸಲ್ಲಿಕೆ ದಿನಾಂಕವನ್ನು ಮುಂದೂಡಲಾಗಿದೆ. ಅರ್ಹ ಮಹಿಳಾ ಅಭ್ಯರ್ಥಿಗಳು <https://Karnemakaone.kar.nic.in/abcd/> ವೆಬ್‌ಸೈಟ್‌ನಲ್ಲಿ 2026ರ ಏಪ್ರಿಲ್ 15 ರೊಳಗಾಗಿ ಆನ್‌ಲೈನ್ ಮೂಲಕ ಅರ್ಜಿ ಸಲ್ಲಿಸಬೇಕು. ಈ ಹಿಂದೆ ಅರ್ಜಿ ಸಲ್ಲಿಕೆ ಕೊನೆಯ ದಿನಾಂಕವನ್ನು 2026ರ ಮಾರ್ಚ್ 31 ರವರೆಗೆ ನಿಗದಿಪಡಿಸಲಾಗಿತ್ತು. ಹೆಚ್ಚಿನ ಮಾಹಿತಿಗಾಗಿ ಕಲಬುರಗಿ (ನಗರ) ಶಿಶು ಅಭಿವೃದ್ಧಿ ಯೋಜನಾಧಿಕಾರಿಗಳ ಕಚೇರಿಯನ್ನು ಸಂಪರ್ಕಿಸಲು ಕೋರಲಾಗಿದೆ.
ಅರಿವಿನ ದಾರಿ ತೋರಿದ್ದ ಮಹಾನ ಸಂತ ಪೂಜ್ಯ ಶ್ರೀಪತಾನಂದ ಮಹಾರಾಜರು
ಬೀದರ್,ಏ.4:ಸಹಸ್ರಾರು ಭಕ್ತರ ಬದುಕಿನಲ್ಲಿ ಬೆಳಕು ತುಂಬಿ ಅರಿವಿನ ದಾರಿ ತೋರಿದ್ದ ಬೀದರ ತಾಲೂಕಿನ ಬಗದಲ್ ಗ್ರಾಮದ ಸದ್ಗುರು ಶ್ರೀಪತಾನಂದ ಮಹಾರಾಜರು ಅಪಾರ ಶಿಷ್ಯ ಬಳಗವನ್ನು ಹೊಂದಿದ್ದರು. ಆಧ್ಯಾತ್ಮಿಕ ಚಿಂತನೆಯ ಮೂಲಕ ಜನರ ಮನಸ್ಸಿನ ಕತ್ತಲು ಕಳೆದು ಜ್ಞಾನದ ಬೆಳಕು ನೀಡಿದ ಮಹಾನ ಸಂತ ಅವರು. ಕರ್ನಾಟಕ, ಮಹಾರಾಷ್ಟ್ರ, ತೆಲಂಗಾಣ ಸೇರಿದಂತೆ ಹಲವು ರಾಜ್ಯಗಳಲ್ಲಿ ಭಕ್ತರನ್ನು ಹೊಂದಿದ್ದರು.	ಪರಮಪೂಜ್ಯ ಸದ್ಗುರು ಶ್ರೀಪತಾನಂದ ಮಹಾರಾಜರು
ಭಕ್ತರು ತಮ್ಮ ಗುರುಗಳನ್ನು ಸ್ಮರಿಸಿ ಕಂಬನಿ ಮಿಡಿದರು. ದೊಡ್ಡ ಪ್ರಮಾಣದಲ್ಲಿ ಭಕ್ತರು ಸೇರಿ ಗುರುಗಳ ಅಂತಿಮ ದರ್ಶನ ಪಡೆದರು. ಅವರ ಆಧ್ಯಾತ್ಮಿಕ ಉಪದೇಶಗಳು ನಮ್ಮ ಬದುಕಿಗೆ ದಾರಿದೀಪವಾಗಿವೆ. ಭಗವದ್ಗೀತೆ, ಉಪನಿಷತ್ತುಗಳ ಸಾರವನ್ನು ಸರಳ ಭಾಷೆಯಲ್ಲಿ ಜನರಿಗೆ ತಿಳಿಸಿದ ಅವರ ಕಾರ್ಯ ಸ್ಮರಣೀಯ ಎಂದು ಭಕ್ತರು ಸ್ಮರಿಸಿದರು.
ಉತ್ಸವಗಳು, ವಿಶೇಷ ಧಾರ್ಮಿಕ ಕಾರ್ಯಕ್ರಮಗಳಲ್ಲಿ ಪಾಲ್ಗೊಂಡು ಭಕ್ತರನ್ನು ಹರಸುತ್ತಿದ್ದರು. ಮಹಾರಾಷ್ಟ್ರ ಮತ್ತು ತೆಲಂಗಾಣ ರಾಜ್ಯಗಳಲ್ಲಿಯೂ ಅವರು ಪ್ರವಚನ ನೀಡುತ್ತಿದ್ದರು. ಸರಳ ಜೀವನ, ಉನ್ನತ ವಿಚಾರದ ಮೂಲಕ ಅವರು ಜನರಿಗೆ ಮಾದರಿಯಾಗಿದ್ದರು. ಅವರ ಜೀವನ ಸಂದೇಶ ಇಂದಿಗೂ ಪ್ರಸ್ತುತ.
ಧರಿಸುತ್ತಿದ್ದ ಅವರ ವೇಷಭೂಷಣ ಎಲ್ಲರಿಗೂ ಮೆಚ್ಚುಗೆಯಾಗಿತ್ತು. ಅಲ್ಪಾಹಾರಿಗಳು, ಕಠಿಣ ವ್ರತಧಾರಿಗಳು ಆಗಿದ್ದ ಅವರು ಭಕ್ತರ ಸಂಕಷ್ಟ ನಿವಾರಣೆಗೆ ಶ್ರಮಿಸಿದರು. ಭಗವದ್ಗೀತೆ, ಉಪನಿಷತ್ತು, ಜ್ಞಾನೇಶ್ವರಿ, ದಾಸಬೋಧ ಗ್ರಂಥಗಳ ಪ್ರವಚನ ನೀಡುತ್ತಿದ್ದರು.
ಪೂಜ್ಯ ಶ್ರೀಪತಾನಂದ ಮಹಾರಾಜರು ಸದ್ಗುರುಗಳ ಅಂತಿಮ ಸಂಸ್ಕಾರ ಬಗದಲ್ ಗ್ರಾಮದಲ್ಲಿ ನಡೆಯಿತು. ಅಪಾರ ಭಕ್ತ ಸಮೂಹ ಈ ಸಂದರ್ಭದಲ್ಲಿ ಭಾಗವಹಿಸಿತ್ತು. ಶ್ರೀಗಳ ಅಗಲಿಕೆಯಿಂದ ಭಕ್ತರು ದುಃಖತಪ್ತರಾಗಿದ್ದಾರೆ. ಅವರ ಆದರ್ಶಗಳನ್ನು ಪಾಲಿಸುವ ಮೂಲಕ ಗೌರವ ಸಲ್ಲಿಸೋಣ ಎಂದು ಭಕ್ತರು ಹೇಳಿದರು.
